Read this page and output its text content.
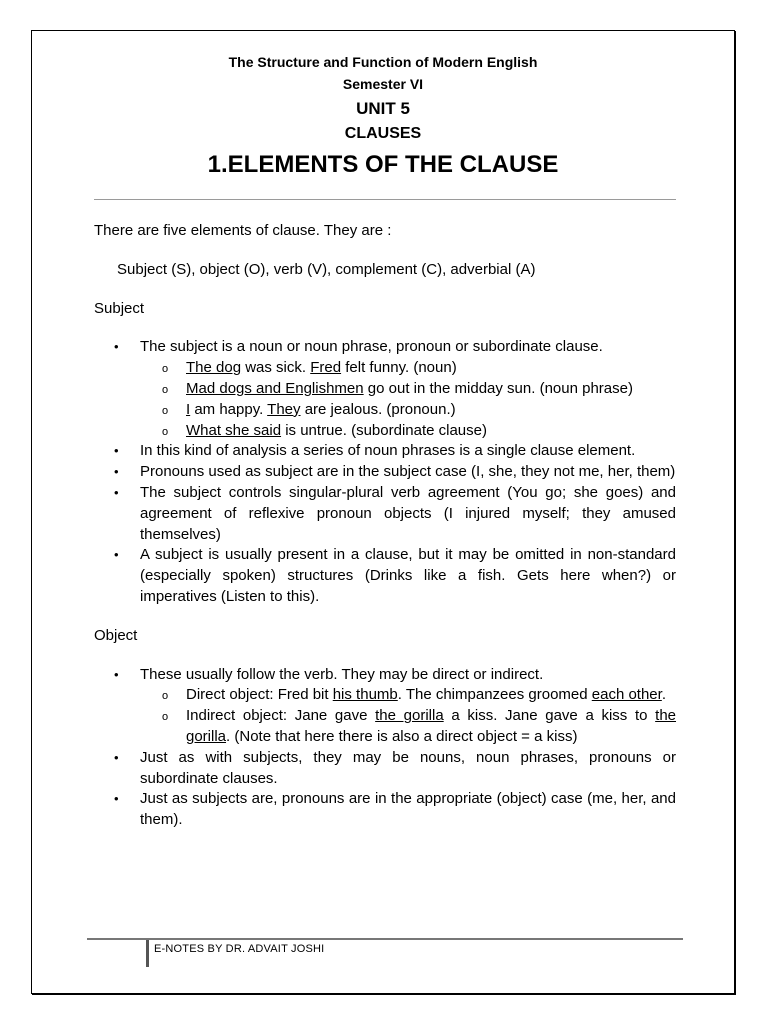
The Structure and Function of Modern English
Semester VI
UNIT 5
CLAUSES
1.ELEMENTS OF THE CLAUSE

There are five elements of clause. They are :

Subject (S), object (O), verb (V), complement (C), adverbial (A)

Subject

• The subject is a noun or noun phrase, pronoun or subordinate clause.
o The dog was sick. Fred felt funny. (noun)
o Mad dogs and Englishmen go out in the midday sun. (noun phrase)
o I am happy. They are jealous. (pronoun.)
o What she said is untrue. (subordinate clause)
• In this kind of analysis a series of noun phrases is a single clause element.
• Pronouns used as subject are in the subject case (I, she, they not me, her, them)
• The subject controls singular-plural verb agreement (You go; she goes) and agreement of reflexive pronoun objects (I injured myself; they amused themselves)
• A subject is usually present in a clause, but it may be omitted in non-standard (especially spoken) structures (Drinks like a fish. Gets here when?) or imperatives (Listen to this).

Object

• These usually follow the verb. They may be direct or indirect.
o Direct object: Fred bit his thumb. The chimpanzees groomed each other.
o Indirect object: Jane gave the gorilla a kiss. Jane gave a kiss to the gorilla. (Note that here there is also a direct object = a kiss)
• Just as with subjects, they may be nouns, noun phrases, pronouns or subordinate clauses.
• Just as subjects are, pronouns are in the appropriate (object) case (me, her, and them).
E-NOTES BY DR. ADVAIT JOSHI
